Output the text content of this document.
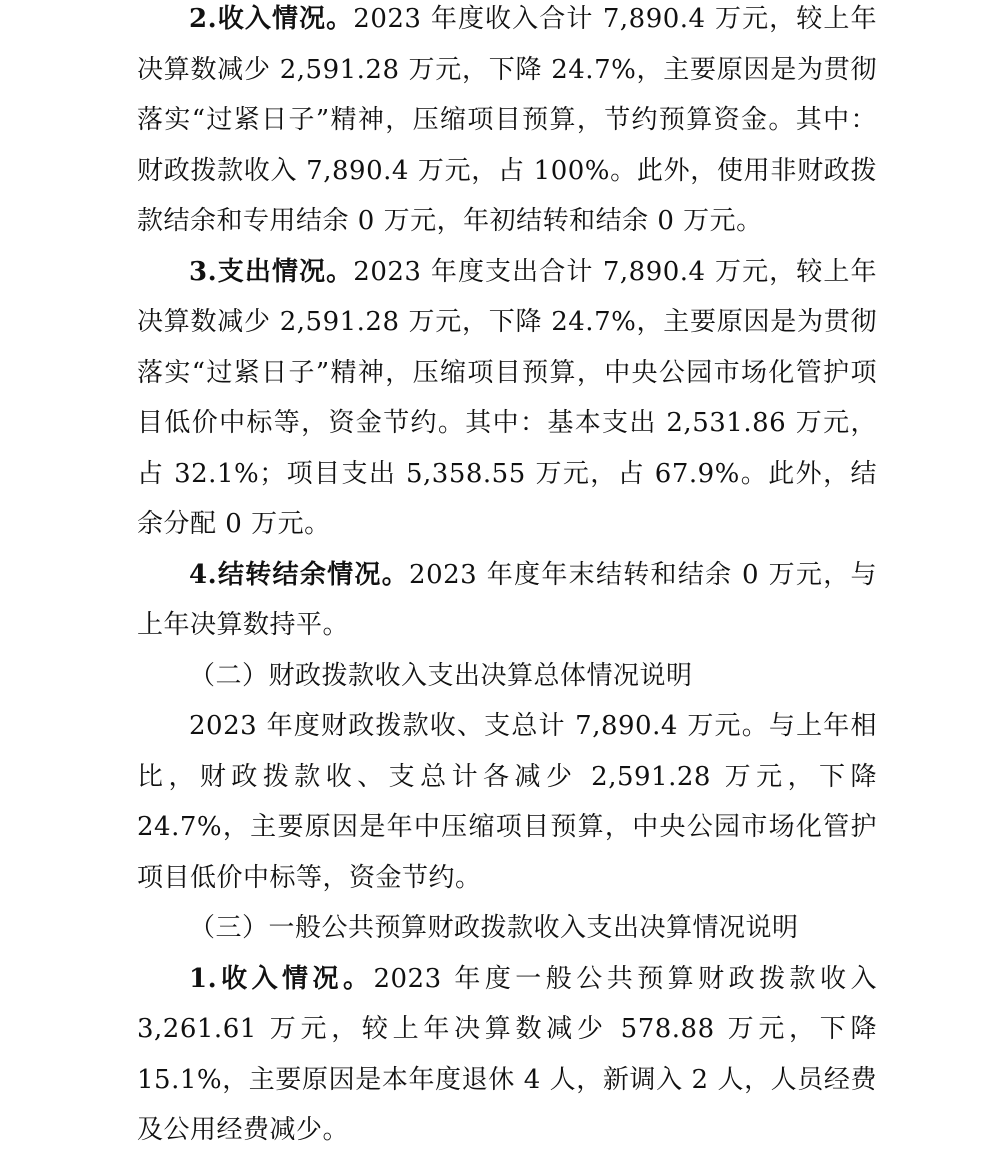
2.收入情况。2023 年度收入合计 7,890.4 万元，较上年决算数减少 2,591.28 万元，下降 24.7%，主要原因是为贯彻落实“过紧日子”精神，压缩项目预算，节约预算资金。其中：财政拨款收入 7,890.4 万元，占 100%。此外，使用非财政拨款结余和专用结余 0 万元，年初结转和结余 0 万元。

3.支出情况。2023 年度支出合计 7,890.4 万元，较上年决算数减少 2,591.28 万元，下降 24.7%，主要原因是为贯彻落实“过紧日子”精神，压缩项目预算，中央公园市场化管护项目低价中标等，资金节约。其中：基本支出 2,531.86 万元，占 32.1%；项目支出 5,358.55 万元，占 67.9%。此外，结余分配 0 万元。

4.结转结余情况。2023 年度年末结转和结余 0 万元，与上年决算数持平。

（二）财政拨款收入支出决算总体情况说明

2023 年度财政拨款收、支总计 7,890.4 万元。与上年相比，财政拨款收、支总计各减少 2,591.28 万元，下降 24.7%，主要原因是年中压缩项目预算，中央公园市场化管护项目低价中标等，资金节约。

（三）一般公共预算财政拨款收入支出决算情况说明

1.收入情况。2023 年度一般公共预算财政拨款收入 3,261.61 万元，较上年决算数减少 578.88 万元，下降 15.1%，主要原因是本年度退休 4 人，新调入 2 人，人员经费及公用经费减少。
